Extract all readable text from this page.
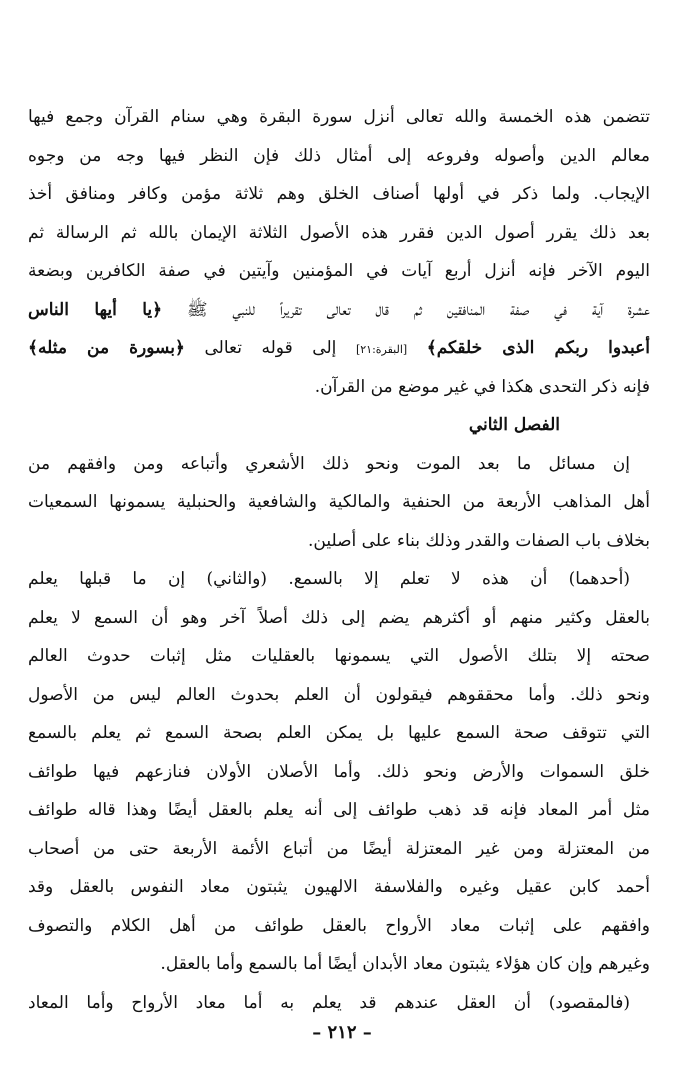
تتضمن هذه الخمسة والله تعالى أنزل سورة البقرة وهي سنام القرآن وجمع فيها
معالم الدين وأصوله وفروعه إلى أمثال ذلك فإن النظر فيها وجه من وجوه
الإيجاب. ولما ذكر في أولها أصناف الخلق وهم ثلاثة مؤمن وكافر ومنافق أخذ
بعد ذلك يقرر أصول الدين فقرر هذه الأصول الثلاثة الإيمان بالله ثم الرسالة ثم
اليوم الآخر فإنه أنزل أربع آيات في المؤمنين وآيتين في صفة الكافرين وبضعة
عشرة آية في صفة المنافقين ثم قال تعالى تقريراً للنبي ﷺ ﴿يا أيها الناس
أعبدوا ربكم الذى خلقكم﴾ [البقرة:٢١] إلى قوله تعالى ﴿بسورة من مثله﴾
فإنه ذكر التحدى هكذا في غير موضع من القرآن.
الفصل الثاني
إن مسائل ما بعد الموت ونحو ذلك الأشعري وأتباعه ومن وافقهم من
أهل المذاهب الأربعة من الحنفية والمالكية والشافعية والحنبلية يسمونها السمعيات
بخلاف باب الصفات والقدر وذلك بناء على أصلين.
(أحدهما) أن هذه لا تعلم إلا بالسمع. (والثاني) إن ما قبلها يعلم
بالعقل وكثير منهم أو أكثرهم يضم إلى ذلك أصلاً آخر وهو أن السمع لا يعلم
صحته إلا بتلك الأصول التي يسمونها بالعقليات مثل إثبات حدوث العالم
ونحو ذلك. وأما محققوهم فيقولون أن العلم بحدوث العالم ليس من الأصول
التي تتوقف صحة السمع عليها بل يمكن العلم بصحة السمع ثم يعلم بالسمع
خلق السموات والأرض ونحو ذلك. وأما الأصلان الأولان فنازعهم فيها طوائف
مثل أمر المعاد فإنه قد ذهب طوائف إلى أنه يعلم بالعقل أيضًا وهذا قاله طوائف
من المعتزلة ومن غير المعتزلة أيضًا من أتباع الأئمة الأربعة حتى من أصحاب
أحمد كابن عقيل وغيره والفلاسفة الالهيون يثبتون معاد النفوس بالعقل وقد
وافقهم على إثبات معاد الأرواح بالعقل طوائف من أهل الكلام والتصوف
وغيرهم وإن كان هؤلاء يثبتون معاد الأبدان أيضًا أما بالسمع وأما بالعقل.
(فالمقصود) أن العقل عندهم قد يعلم به أما معاد الأرواح وأما المعاد
– ٢١٢ –
